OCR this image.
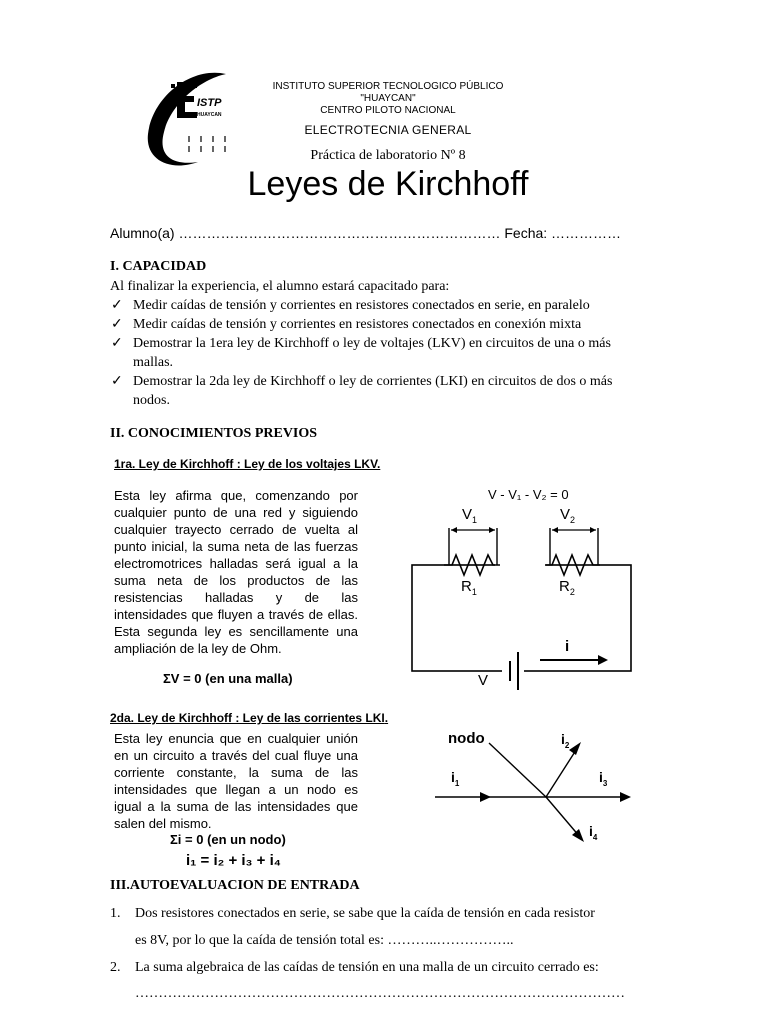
ISTP
HUAYCAN
INSTITUTO SUPERIOR TECNOLOGICO PÚBLICO
"HUAYCAN"
CENTRO PILOTO NACIONAL
ELECTROTECNIA GENERAL
Práctica de laboratorio Nº 8
Leyes de Kirchhoff
Alumno(a) …………………………………………………………… Fecha: ……………
I. CAPACIDAD
Al finalizar la experiencia, el alumno estará capacitado para:
✓ Medir caídas de tensión y corrientes en resistores conectados en serie, en paralelo
✓ Medir caídas de tensión y corrientes en resistores conectados en conexión mixta
✓ Demostrar la 1era ley de Kirchhoff o ley de voltajes (LKV) en circuitos de una o más mallas.
✓ Demostrar la 2da ley de Kirchhoff o ley de corrientes (LKI) en circuitos de dos o más nodos.
II. CONOCIMIENTOS PREVIOS
1ra. Ley de Kirchhoff : Ley de los voltajes LKV.
Esta ley afirma que, comenzando por cualquier punto de una red y siguiendo cualquier trayecto cerrado de vuelta al punto inicial, la suma neta de las fuerzas electromotrices halladas será igual a la suma neta de los productos de las resistencias halladas y de las intensidades que fluyen a través de ellas. Esta segunda ley es sencillamente una ampliación de la ley de Ohm.
ΣV = 0 (en una malla)
V - V₁ - V₂ = 0
$V_1$	$V_2$
$R_1$	$R_2$
V
i
2da. Ley de Kirchhoff : Ley de las corrientes LKI.
Esta ley enuncia que en cualquier unión en un circuito a través del cual fluye una corriente constante, la suma de las intensidades que llegan a un nodo es igual a la suma de las intensidades que salen del mismo.
Σi = 0 (en un nodo)
i₁ = i₂ + i₃ + i₄
nodo
$i_1$
$i_2$
$i_3$
$i_4$
III.AUTOEVALUACION DE ENTRADA
1. Dos resistores conectados en serie, se sabe que la caída de tensión en cada resistor
es 8V, por lo que la caída de tensión total es: ………..……………..
2. La suma algebraica de las caídas de tensión en una malla de un circuito cerrado es:
……………………………………………………………………………………………
